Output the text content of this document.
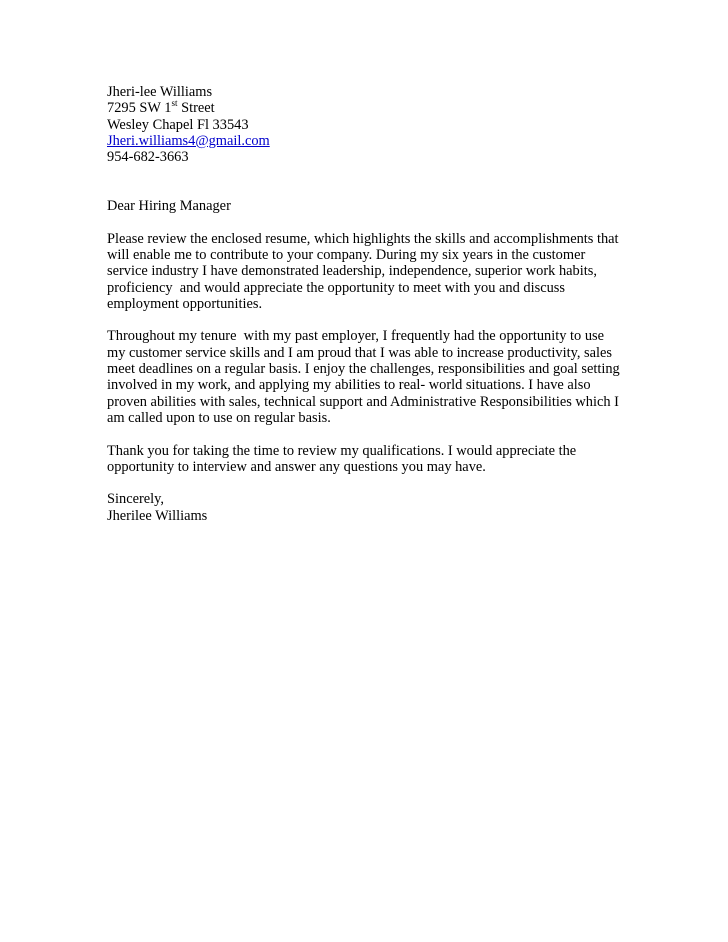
Jheri-lee Williams
7295 SW 1st Street
Wesley Chapel Fl 33543
Jheri.williams4@gmail.com
954-682-3663
Dear Hiring Manager
Please review the enclosed resume, which highlights the skills and accomplishments that
will enable me to contribute to your company. During my six years in the customer
service industry I have demonstrated leadership, independence, superior work habits,
proficiency  and would appreciate the opportunity to meet with you and discuss
employment opportunities.
Throughout my tenure  with my past employer, I frequently had the opportunity to use
my customer service skills and I am proud that I was able to increase productivity, sales
meet deadlines on a regular basis. I enjoy the challenges, responsibilities and goal setting
involved in my work, and applying my abilities to real- world situations. I have also
proven abilities with sales, technical support and Administrative Responsibilities which I
am called upon to use on regular basis.
Thank you for taking the time to review my qualifications. I would appreciate the
opportunity to interview and answer any questions you may have.
Sincerely,
Jherilee Williams
